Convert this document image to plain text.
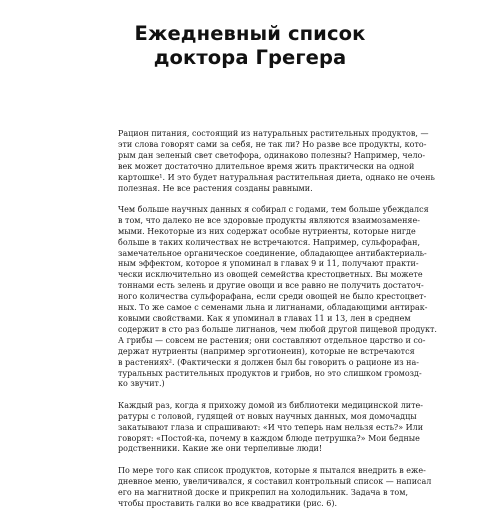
Ежедневный список
доктора Грегера

Рацион питания, состоящий из натуральных растительных продуктов, —
эти слова говорят сами за себя, не так ли? Но разве все продукты, кото-
рым дан зеленый свет светофора, одинаково полезны? Например, чело-
век может достаточно длительное время жить практически на одной
картошке¹. И это будет натуральная растительная диета, однако не очень
полезная. Не все растения созданы равными.

Чем больше научных данных я собирал с годами, тем больше убеждался
в том, что далеко не все здоровые продукты являются взаимозаменяе-
мыми. Некоторые из них содержат особые нутриенты, которые нигде
больше в таких количествах не встречаются. Например, сульфорафан,
замечательное органическое соединение, обладающее антибактериаль-
ным эффектом, которое я упоминал в главах 9 и 11, получают практи-
чески исключительно из овощей семейства крестоцветных. Вы можете
тоннами есть зелень и другие овощи и все равно не получить достаточ-
ного количества сульфорафана, если среди овощей не было крестоцвет-
ных. То же самое с семенами льна и лигнанами, обладающими антирак-
ковыми свойствами. Как я упоминал в главах 11 и 13, лен в среднем
содержит в сто раз больше лигнанов, чем любой другой пищевой продукт.
А грибы — совсем не растения; они составляют отдельное царство и со-
держат нутриенты (например эрготионеин), которые не встречаются
в растениях². (Фактически я должен был бы говорить о рационе из на-
туральных растительных продуктов и грибов, но это слишком громозд-
ко звучит.)

Каждый раз, когда я прихожу домой из библиотеки медицинской лите-
ратуры с головой, гудящей от новых научных данных, моя домочадцы
закатывают глаза и спрашивают: «И что теперь нам нельзя есть?» Или
говорят: «Постой-ка, почему в каждом блюде петрушка?» Мои бедные
родственники. Какие же они терпеливые люди!

По мере того как список продуктов, которые я пытался внедрить в еже-
дневное меню, увеличивался, я составил контрольный список — написал
его на магнитной доске и прикрепил на холодильник. Задача в том,
чтобы проставить галки во все квадратики (рис. 6).
